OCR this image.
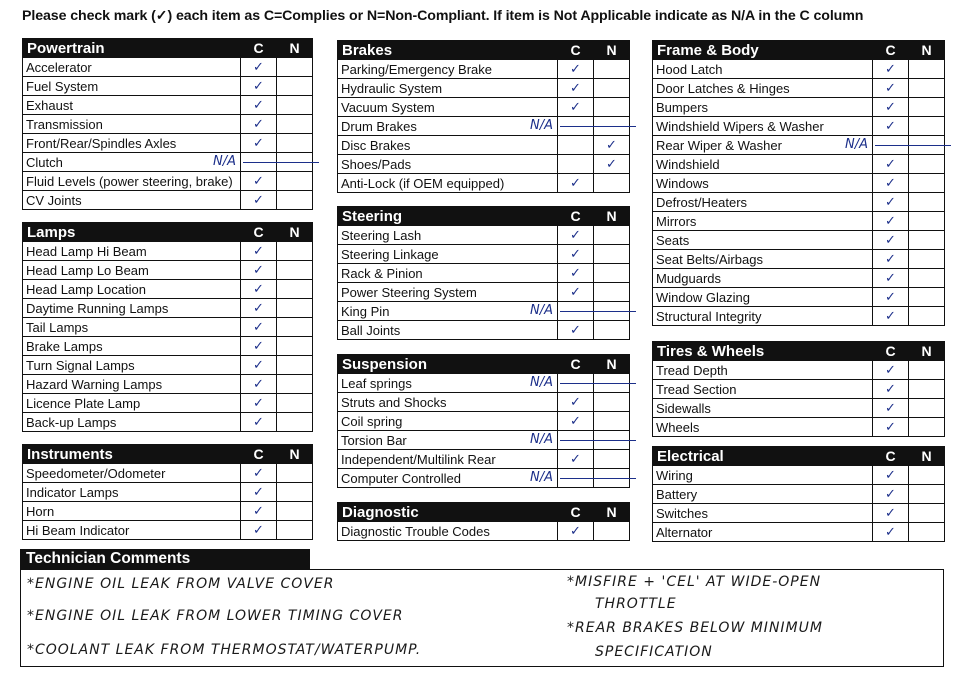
Please check mark (✓) each item as C=Complies or N=Non-Compliant. If item is Not Applicable indicate as N/A in the C column
Powertrain	C	N
Accelerator	✓	
Fuel System	✓	
Exhaust	✓	
Transmission	✓	
Front/Rear/Spindles Axles	✓	
Clutch	N/A	

Fluid Levels (power steering, brake)	✓	
CV Joints	✓	
Lamps	C	N
Head Lamp Hi Beam	✓	
Head Lamp Lo Beam	✓	
Head Lamp Location	✓	
Daytime Running Lamps	✓	
Tail Lamps	✓	
Brake Lamps	✓	
Turn Signal Lamps	✓	
Hazard Warning Lamps	✓	
Licence Plate Lamp	✓	
Back-up Lamps	✓	
Instruments	C	N
Speedometer/Odometer	✓	
Indicator Lamps	✓	
Horn	✓	
Hi Beam Indicator	✓	
Brakes	C	N
Parking/Emergency Brake	✓	
Hydraulic System	✓	
Vacuum System	✓	
Drum Brakes	N/A	

Disc Brakes		✓
Shoes/Pads		✓
Anti-Lock (if OEM equipped)	✓	
Steering	C	N
Steering Lash	✓	
Steering Linkage	✓	
Rack & Pinion	✓	
Power Steering System	✓	
King Pin	N/A	

Ball Joints	✓	
Suspension	C	N
Leaf springs	N/A	

Struts and Shocks	✓	
Coil spring	✓	
Torsion Bar	N/A	

Independent/Multilink Rear	✓	
Computer Controlled	N/A	

Diagnostic	C	N
Diagnostic Trouble Codes	✓	
Frame & Body	C	N
Hood Latch	✓	
Door Latches & Hinges	✓	
Bumpers	✓	
Windshield Wipers & Washer	✓	
Rear Wiper & Washer	N/A	

Windshield	✓	
Windows	✓	
Defrost/Heaters	✓	
Mirrors	✓	
Seats	✓	
Seat Belts/Airbags	✓	
Mudguards	✓	
Window Glazing	✓	
Structural Integrity	✓	
Tires & Wheels	C	N
Tread Depth	✓	
Tread Section	✓	
Sidewalls	✓	
Wheels	✓	
Electrical	C	N
Wiring	✓	
Battery	✓	
Switches	✓	
Alternator	✓	
Technician Comments
*ENGINE OIL LEAK FROM VALVE COVER
*ENGINE OIL LEAK FROM LOWER TIMING COVER
*COOLANT LEAK FROM THERMOSTAT/WATERPUMP.
*MISFIRE + 'CEL' AT WIDE-OPEN
THROTTLE
*REAR BRAKES BELOW MINIMUM
SPECIFICATION
